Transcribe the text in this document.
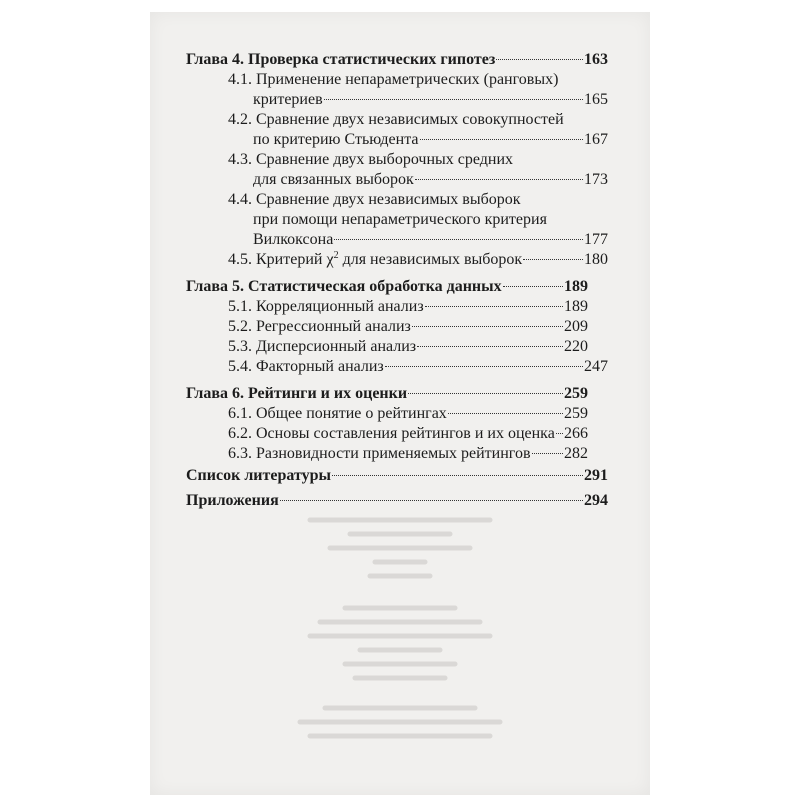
Глава 4. Проверка статистических гипотез	163
4.1. Применение непараметрических (ранговых)
критериев	165
4.2. Сравнение двух независимых совокупностей
по критерию Стьюдента	167
4.3. Сравнение двух выборочных средних
для связанных выборок	173
4.4. Сравнение двух независимых выборок
при помощи непараметрического критерия
Вилкоксона	177
4.5. Критерий $\chi^2$ для независимых выборок	180
Глава 5. Статистическая обработка данных	189
5.1. Корреляционный анализ	189
5.2. Регрессионный анализ	209
5.3. Дисперсионный анализ	220
5.4. Факторный анализ	247
Глава 6. Рейтинги и их оценки	259
6.1. Общее понятие о рейтингах	259
6.2. Основы составления рейтингов и их оценка 266
6.3. Разновидности применяемых рейтингов 282
Список литературы	291
Приложения	294
